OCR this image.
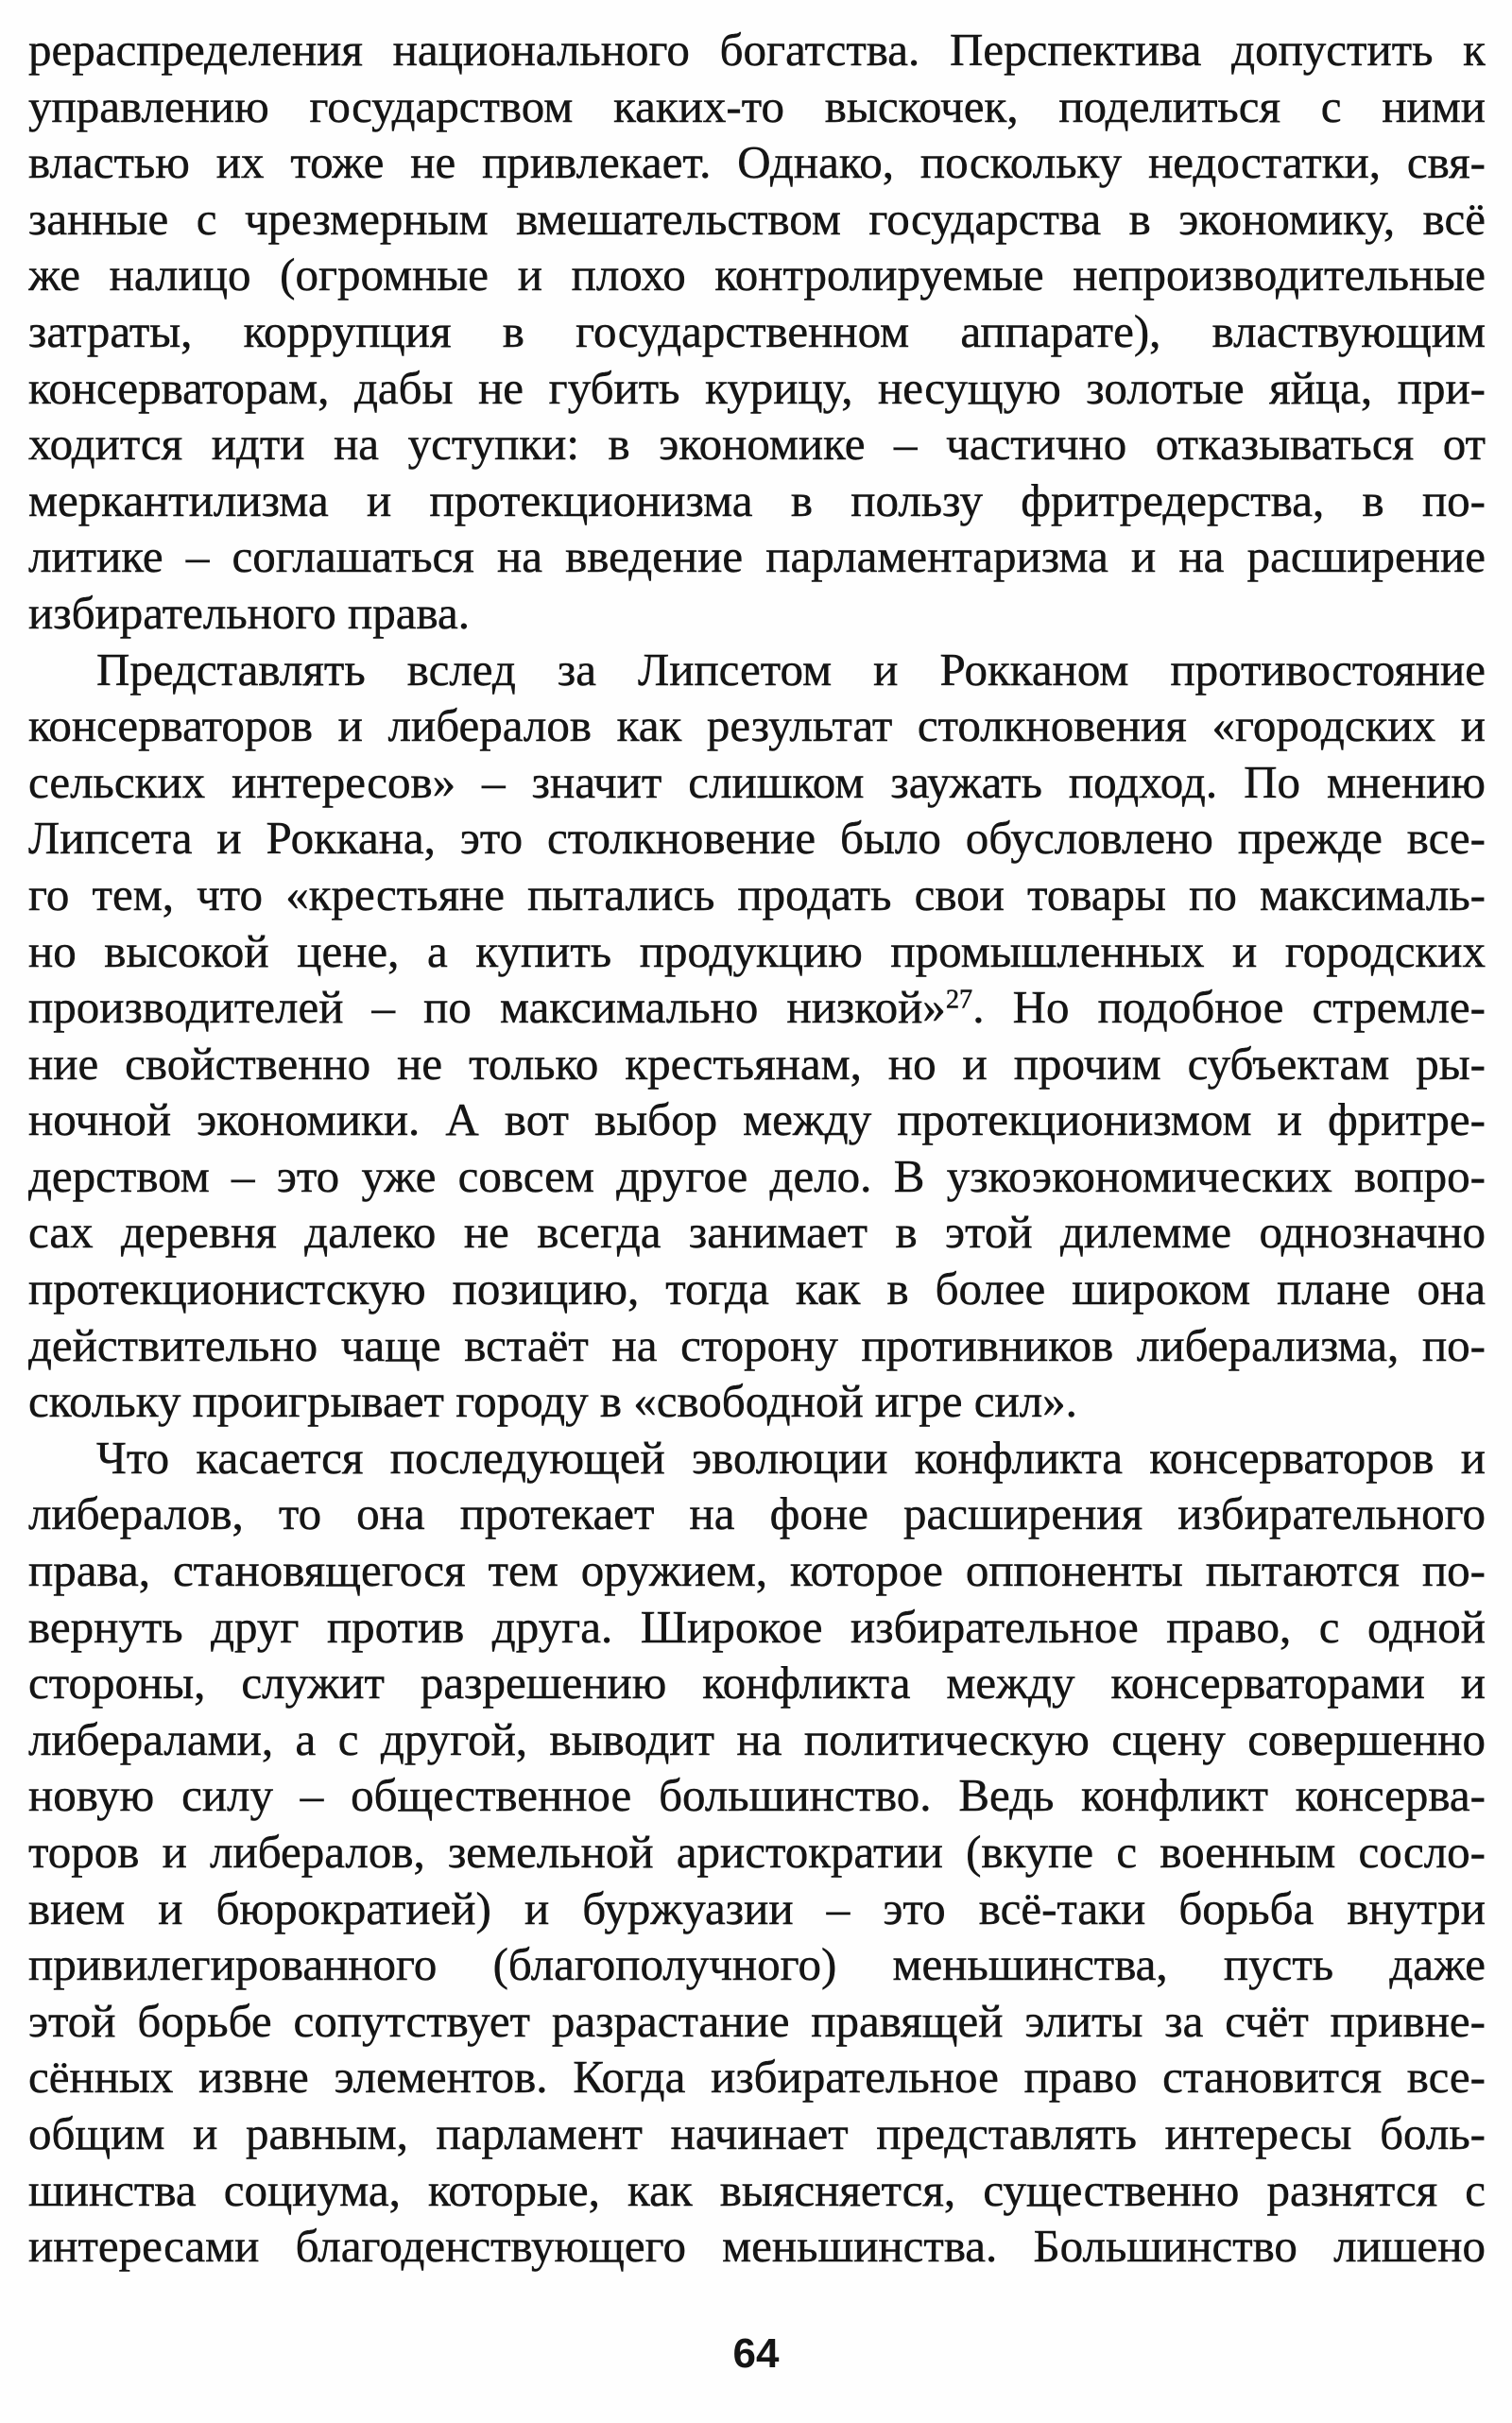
рераспределения национального богатства. Перспектива допустить к
управлению государством каких-то выскочек, поделиться с ними
властью их тоже не привлекает. Однако, поскольку недостатки, свя-
занные с чрезмерным вмешательством государства в экономику, всё
же налицо (огромные и плохо контролируемые непроизводительные
затраты, коррупция в государственном аппарате), властвующим
консерваторам, дабы не губить курицу, несущую золотые яйца, при-
ходится идти на уступки: в экономике – частично отказываться от
меркантилизма и протекционизма в пользу фритредерства, в по-
литике – соглашаться на введение парламентаризма и на расширение
избирательного права.
Представлять вслед за Липсетом и Рокканом противостояние
консерваторов и либералов как результат столкновения «городских и
сельских интересов» – значит слишком заужать подход. По мнению
Липсета и Роккана, это столкновение было обусловлено прежде все-
го тем, что «крестьяне пытались продать свои товары по максималь-
но высокой цене, а купить продукцию промышленных и городских
производителей – по максимально низкой»$^{27}$. Но подобное стремле-
ние свойственно не только крестьянам, но и прочим субъектам ры-
ночной экономики. А вот выбор между протекционизмом и фритре-
дерством – это уже совсем другое дело. В узкоэкономических вопро-
сах деревня далеко не всегда занимает в этой дилемме однозначно
протекционистскую позицию, тогда как в более широком плане она
действительно чаще встаёт на сторону противников либерализма, по-
скольку проигрывает городу в «свободной игре сил».
Что касается последующей эволюции конфликта консерваторов и
либералов, то она протекает на фоне расширения избирательного
права, становящегося тем оружием, которое оппоненты пытаются по-
вернуть друг против друга. Широкое избирательное право, с одной
стороны, служит разрешению конфликта между консерваторами и
либералами, а с другой, выводит на политическую сцену совершенно
новую силу – общественное большинство. Ведь конфликт консерва-
торов и либералов, земельной аристократии (вкупе с военным сосло-
вием и бюрократией) и буржуазии – это всё-таки борьба внутри
привилегированного (благополучного) меньшинства, пусть даже
этой борьбе сопутствует разрастание правящей элиты за счёт привне-
сённых извне элементов. Когда избирательное право становится все-
общим и равным, парламент начинает представлять интересы боль-
шинства социума, которые, как выясняется, существенно разнятся с
интересами благоденствующего меньшинства. Большинство лишено
64
